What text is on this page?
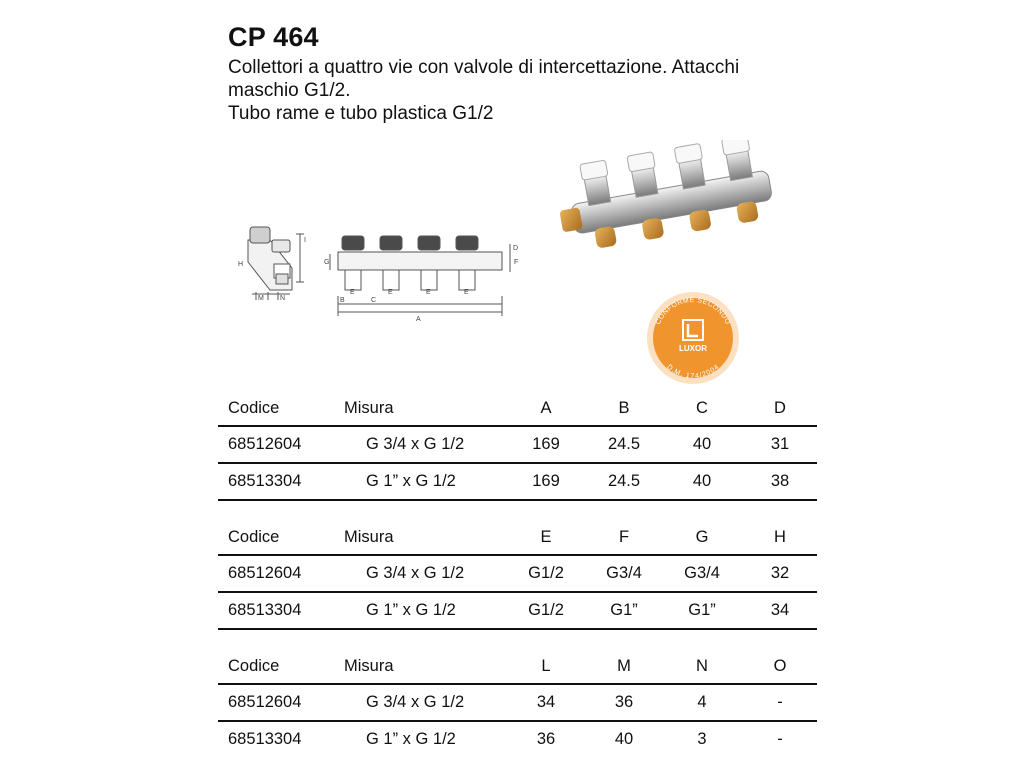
CP 464

Collettori a quattro vie con valvole di intercettazione. Attacchi

maschio G1/2.

Tubo rame e tubo plastica G1/2

H
I
M N
G
A
B	C
E	E	E	E
D
F
CONFORME SECONDO
D.M. 174/2004
LUXOR
Codice	Misura	A	B	C	D
68512604	G 3/4 x G 1/2	169	24.5	40	31
68513304	G 1” x G 1/2	169	24.5	40	38
Codice	Misura	E	F	G	H
68512604	G 3/4 x G 1/2	G1/2	G3/4	G3/4	32
68513304	G 1” x G 1/2	G1/2	G1”	G1”	34
Codice	Misura	L	M	N	O
68512604	G 3/4 x G 1/2	34	36	4	-
68513304	G 1” x G 1/2	36	40	3	-
